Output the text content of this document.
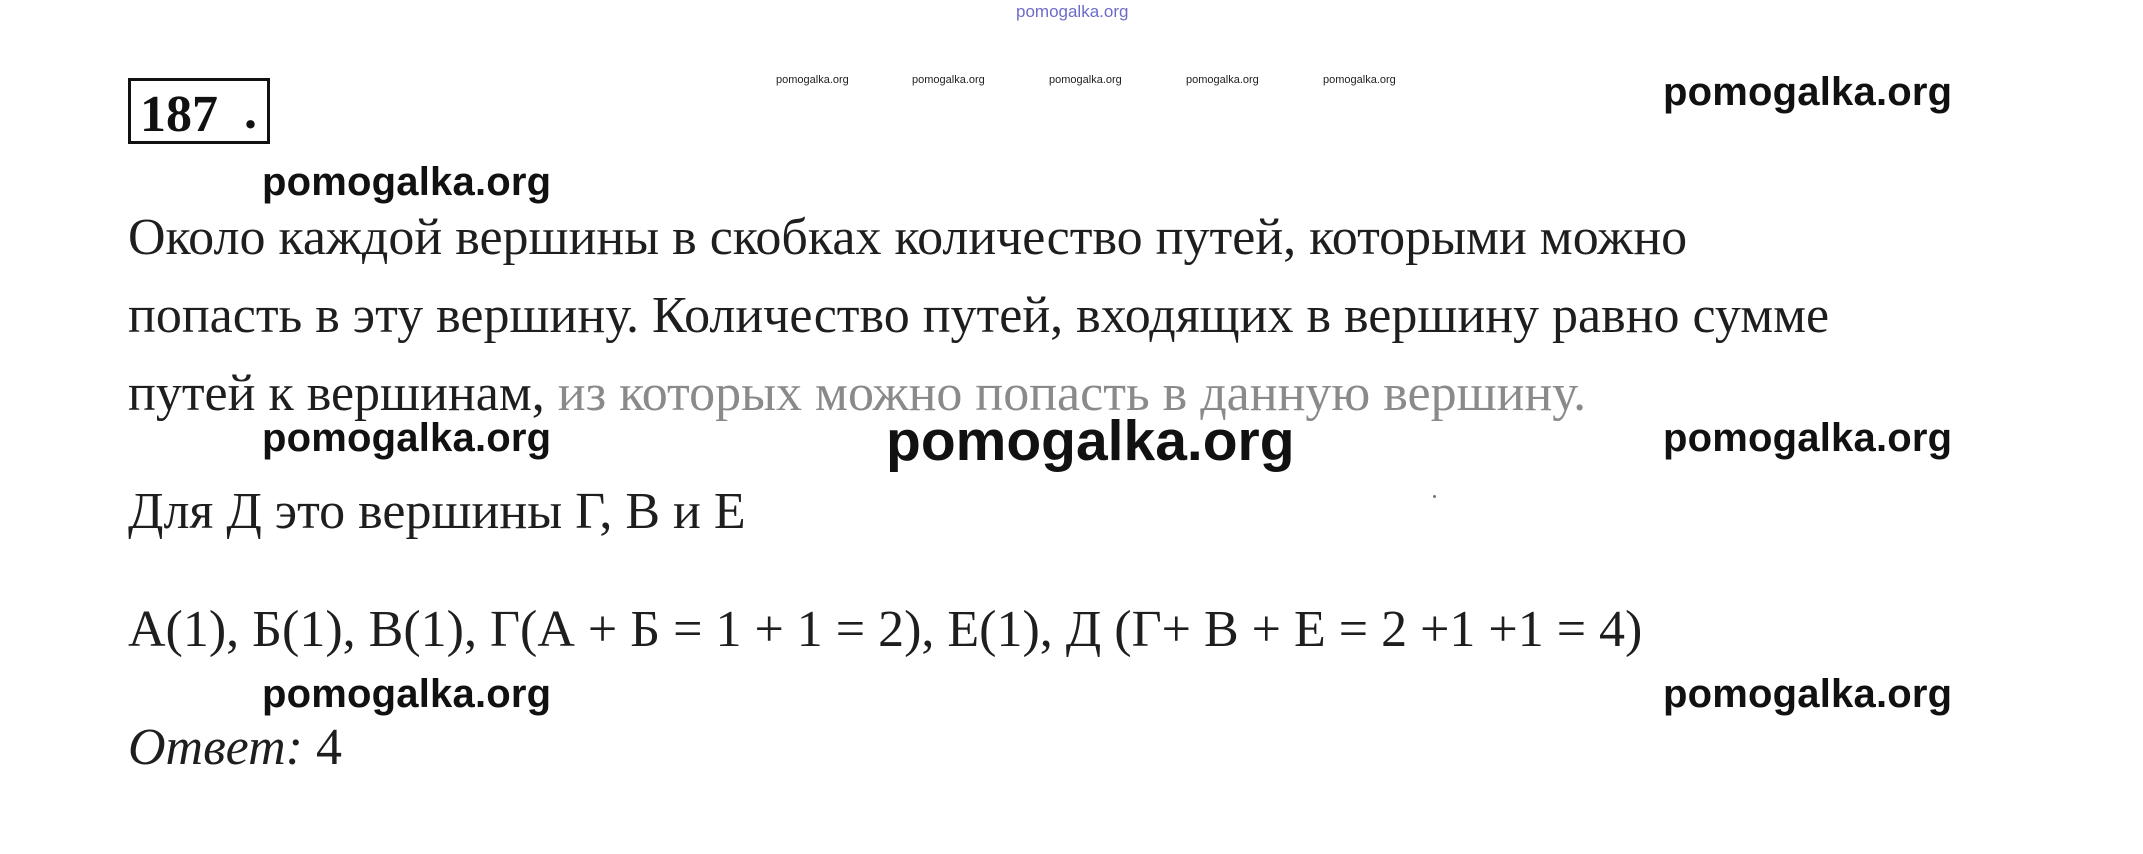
pomogalka.org
pomogalka.org	pomogalka.org	pomogalka.org	pomogalka.org	pomogalka.org
187 .	pomogalka.org
pomogalka.org
pomogalka.org	pomogalka.org
pomogalka.org	pomogalka.org
Около каждой вершины в скобках количество путей, которыми можно
попасть в эту вершину. Количество путей, входящих в вершину равно сумме
путей к вершинам, из которых можно попасть в данную вершину.
pomogalka.org
Для Д это вершины Г, В и Е
А(1), Б(1), В(1), Г(А + Б = 1 + 1 = 2), Е(1), Д (Г+ В + Е = 2 +1 +1 = 4)
Ответ: 4
